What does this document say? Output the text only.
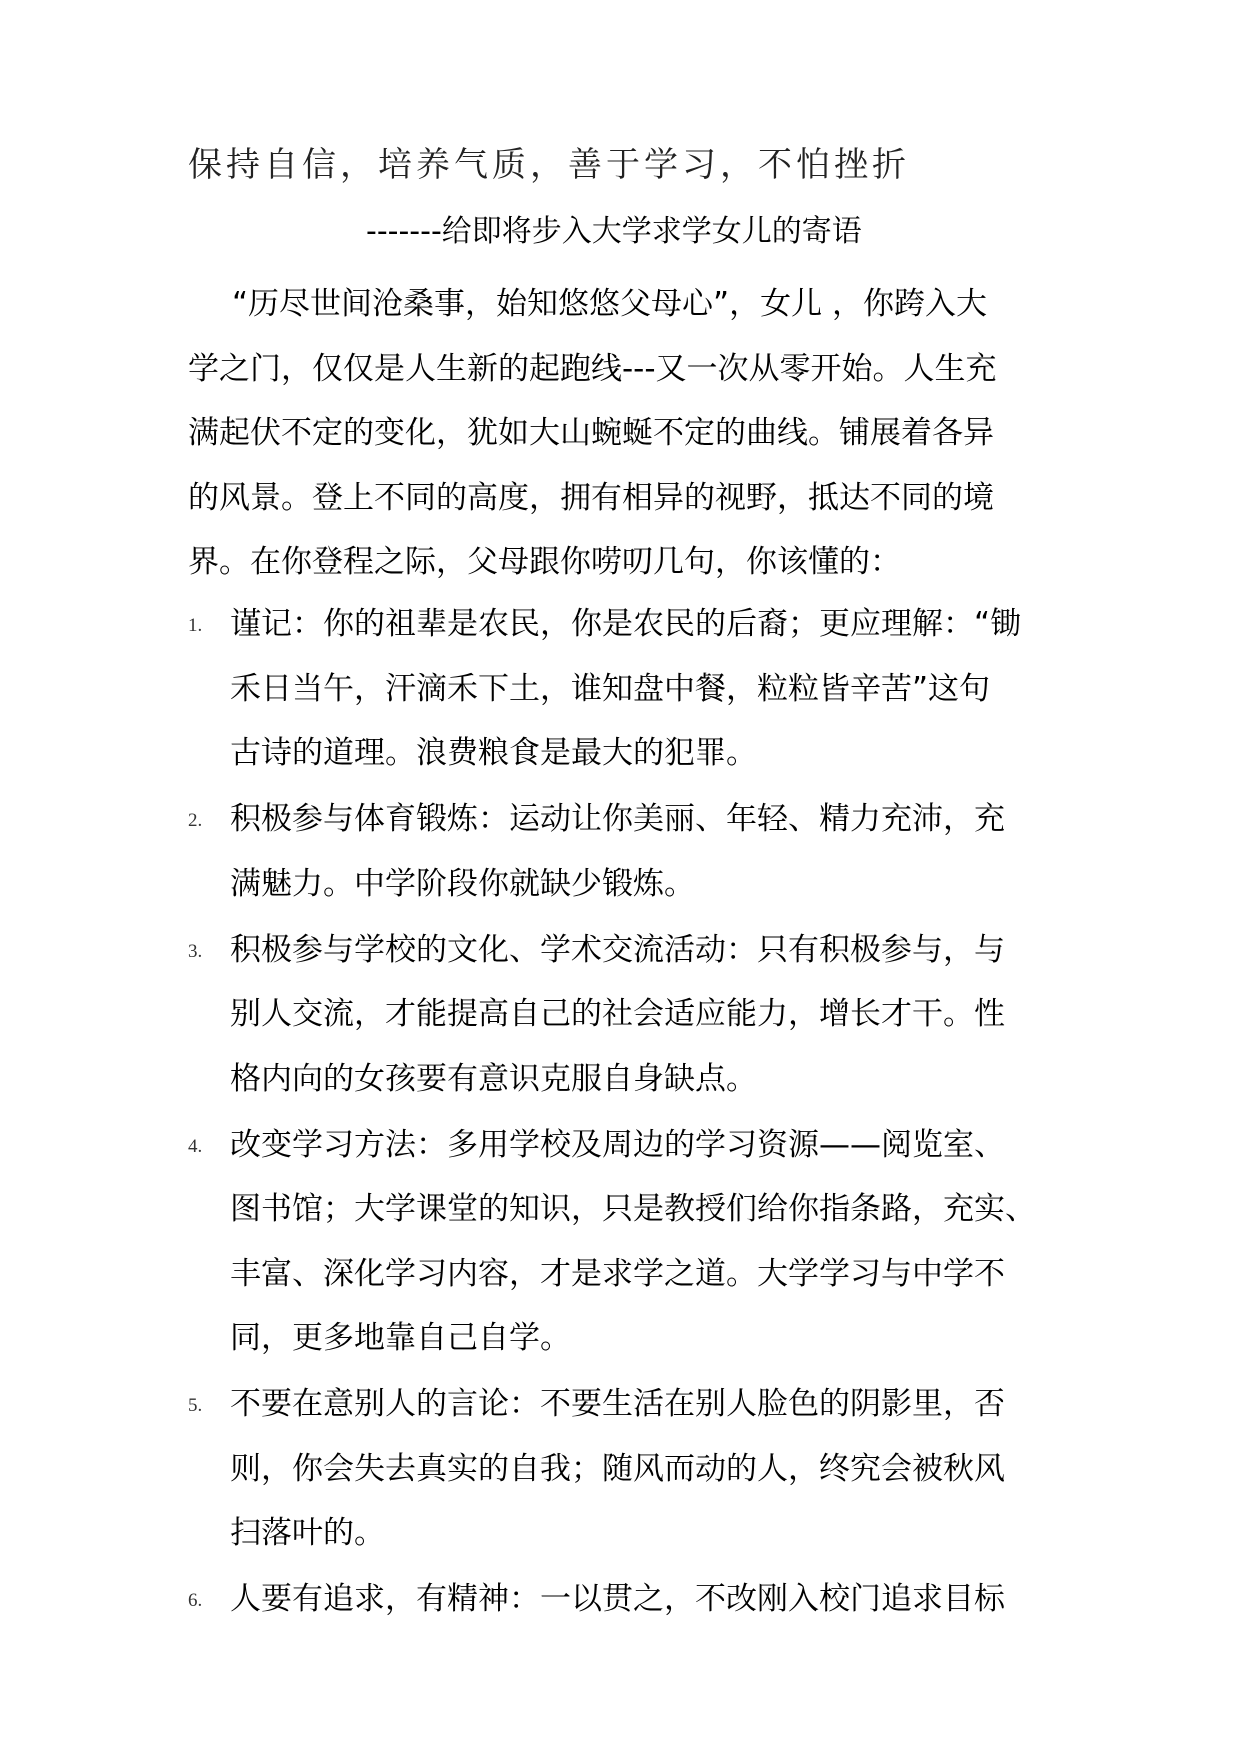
保持自信，培养气质，善于学习，不怕挫折
-------给即将步入大学求学女儿的寄语
“历尽世间沧桑事，始知悠悠父母心”，女儿 ，你跨入大
学之门，仅仅是人生新的起跑线---又一次从零开始。人生充
满起伏不定的变化，犹如大山蜿蜒不定的曲线。铺展着各异
的风景。登上不同的高度，拥有相异的视野，抵达不同的境
界。在你登程之际，父母跟你唠叨几句，你该懂的：
1. 谨记：你的祖辈是农民，你是农民的后裔；更应理解：“锄
禾日当午，汗滴禾下土，谁知盘中餐，粒粒皆辛苦”这句
古诗的道理。浪费粮食是最大的犯罪。
2. 积极参与体育锻炼：运动让你美丽、年轻、精力充沛，充
满魅力。中学阶段你就缺少锻炼。
3. 积极参与学校的文化、学术交流活动：只有积极参与，与
别人交流，才能提高自己的社会适应能力，增长才干。性
格内向的女孩要有意识克服自身缺点。
4. 改变学习方法：多用学校及周边的学习资源——阅览室、
图书馆；大学课堂的知识，只是教授们给你指条路，充实、
丰富、深化学习内容，才是求学之道。大学学习与中学不
同，更多地靠自己自学。
5. 不要在意别人的言论：不要生活在别人脸色的阴影里，否
则，你会失去真实的自我；随风而动的人，终究会被秋风
扫落叶的。
6. 人要有追求，有精神：一以贯之，不改刚入校门追求目标
